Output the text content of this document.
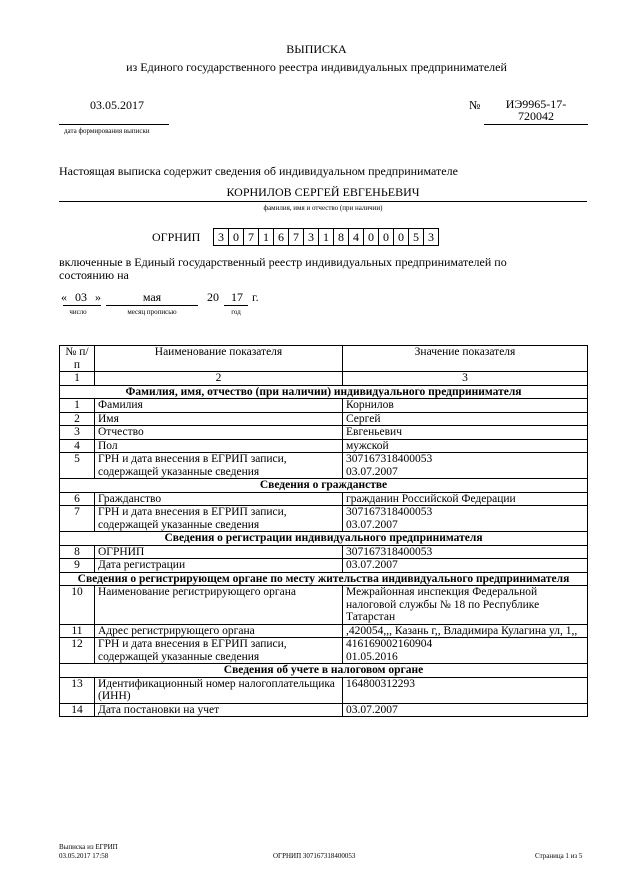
ВЫПИСКА
из Единого государственного реестра индивидуальных предпринимателей
03.05.2017
дата формирования выписки
№	ИЭ9965-17-
720042
Настоящая выписка содержит сведения об индивидуальном предпринимателе
КОРНИЛОВ СЕРГЕЙ ЕВГЕНЬЕВИЧ
фамилия, имя и отчество (при наличии)
ОГРНИП	3 0 7 1 6 7 3 1 8 4 0 0 0 5 3
включенные в Единый государственный реестр индивидуальных предпринимателей по
состоянию на
« 03 »
число
мая
месяц прописью
20	17 г.
год
№ п/п	Наименование показателя	Значение показателя
1	2	3
Фамилия, имя, отчество (при наличии) индивидуального предпринимателя		
1	Фамилия	Корнилов
2	Имя	Сергей
3	Отчество	Евгеньевич
4	Пол	мужской
5	ГРН и дата внесения в ЕГРИП записи, содержащей указанные сведения	307167318400053
03.07.2007
Сведения о гражданстве		
6	Гражданство	гражданин Российской Федерации
7	ГРН и дата внесения в ЕГРИП записи, содержащей указанные сведения	307167318400053
03.07.2007
Сведения о регистрации индивидуального предпринимателя		
8	ОГРНИП	307167318400053
9	Дата регистрации	03.07.2007
Сведения о регистрирующем органе по месту жительства индивидуального предпринимателя		
10	Наименование регистрирующего органа	Межрайонная инспекция Федеральной налоговой службы № 18 по Республике Татарстан
11	Адрес регистрирующего органа	,420054,,, Казань г,, Владимира Кулагина ул, 1,,
12	ГРН и дата внесения в ЕГРИП записи, содержащей указанные сведения	416169002160904
01.05.2016
Сведения об учете в налоговом органе		
13	Идентификационный номер налогоплательщика (ИНН)	164800312293
14	Дата постановки на учет	03.07.2007
Выписка из ЕГРИП
03.05.2017 17:58	ОГРНИП 307167318400053	Страница 1 из 5
